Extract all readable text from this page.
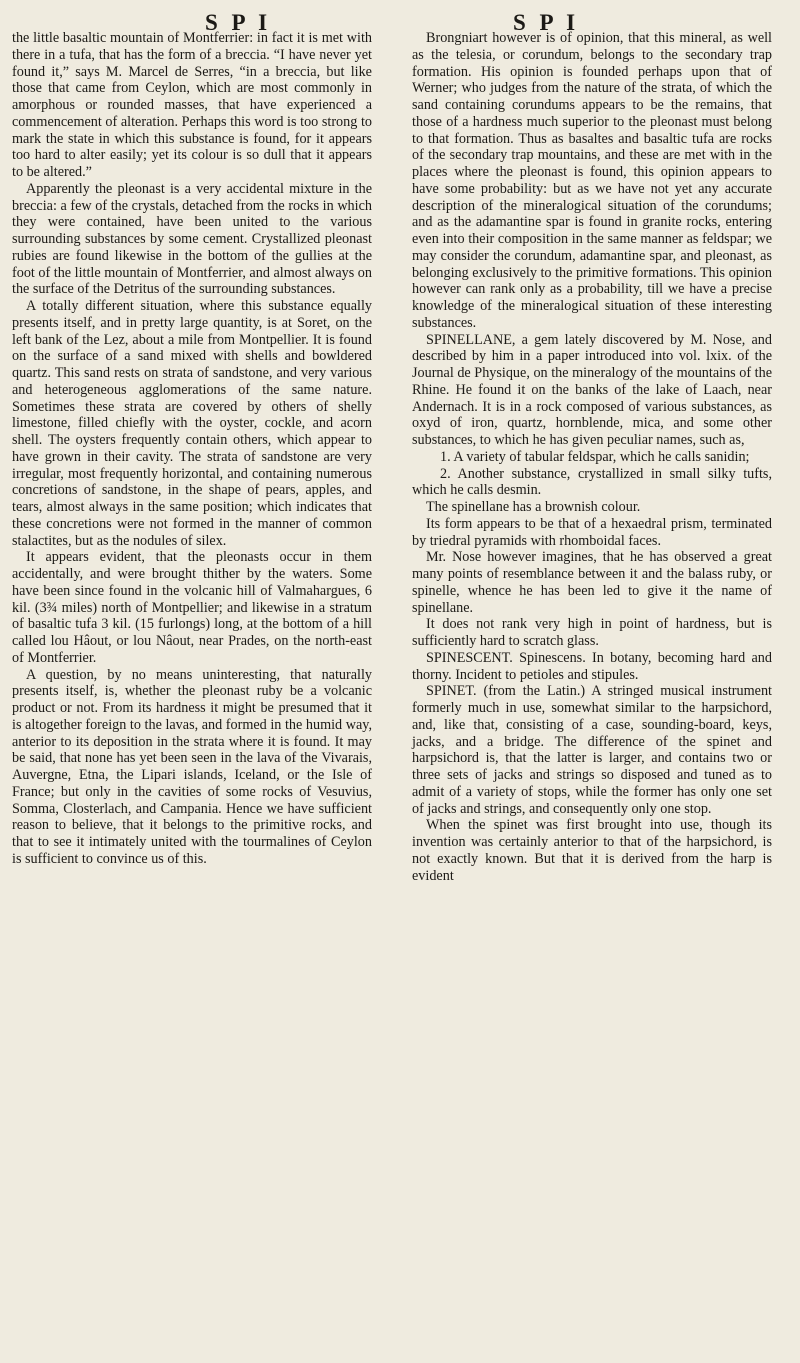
S P I	S P I

the little basaltic mountain of Montferrier: in fact it is met with there in a tufa, that has the form of a breccia. “I have never yet found it,” says M. Marcel de Serres, “in a breccia, but like those that came from Ceylon, which are most commonly in amorphous or rounded masses, that have experienced a commencement of alteration. Perhaps this word is too strong to mark the state in which this substance is found, for it appears too hard to alter easily; yet its colour is so dull that it appears to be altered.”

Apparently the pleonast is a very accidental mixture in the breccia: a few of the crystals, detached from the rocks in which they were contained, have been united to the various surrounding substances by some cement. Crystallized pleonast rubies are found likewise in the bottom of the gullies at the foot of the little mountain of Montferrier, and almost always on the surface of the Detritus of the surrounding substances.

A totally different situation, where this substance equally presents itself, and in pretty large quantity, is at Soret, on the left bank of the Lez, about a mile from Montpellier. It is found on the surface of a sand mixed with shells and bowldered quartz. This sand rests on strata of sandstone, and very various and heterogeneous agglomerations of the same nature. Sometimes these strata are covered by others of shelly limestone, filled chiefly with the oyster, cockle, and acorn shell. The oysters frequently contain others, which appear to have grown in their cavity. The strata of sandstone are very irregular, most frequently horizontal, and containing numerous concretions of sandstone, in the shape of pears, apples, and tears, almost always in the same position; which indicates that these concretions were not formed in the manner of common stalactites, but as the nodules of silex.

It appears evident, that the pleonasts occur in them accidentally, and were brought thither by the waters. Some have been since found in the volcanic hill of Valmahargues, 6 kil. (3¾ miles) north of Montpellier; and likewise in a stratum of basaltic tufa 3 kil. (15 furlongs) long, at the bottom of a hill called lou Hâout, or lou Nâout, near Prades, on the north-east of Montferrier.

A question, by no means uninteresting, that naturally presents itself, is, whether the pleonast ruby be a volcanic product or not. From its hardness it might be presumed that it is altogether foreign to the lavas, and formed in the humid way, anterior to its deposition in the strata where it is found. It may be said, that none has yet been seen in the lava of the Vivarais, Auvergne, Etna, the Lipari islands, Iceland, or the Isle of France; but only in the cavities of some rocks of Vesuvius, Somma, Closterlach, and Campania. Hence we have sufficient reason to believe, that it belongs to the primitive rocks, and that to see it intimately united with the tourmalines of Ceylon is sufficient to convince us of this.

Brongniart however is of opinion, that this mineral, as well as the telesia, or corundum, belongs to the secondary trap formation. His opinion is founded perhaps upon that of Werner; who judges from the nature of the strata, of which the sand containing corundums appears to be the remains, that those of a hardness much superior to the pleonast must belong to that formation. Thus as basaltes and basaltic tufa are rocks of the secondary trap mountains, and these are met with in the places where the pleonast is found, this opinion appears to have some probability: but as we have not yet any accurate description of the mineralogical situation of the corundums; and as the adamantine spar is found in granite rocks, entering even into their composition in the same manner as feldspar; we may consider the corundum, adamantine spar, and pleonast, as belonging exclusively to the primitive formations. This opinion however can rank only as a probability, till we have a precise knowledge of the mineralogical situation of these interesting substances.

SPINELLANE, a gem lately discovered by M. Nose, and described by him in a paper introduced into vol. lxix. of the Journal de Physique, on the mineralogy of the mountains of the Rhine. He found it on the banks of the lake of Laach, near Andernach. It is in a rock composed of various substances, as oxyd of iron, quartz, hornblende, mica, and some other substances, to which he has given peculiar names, such as,

1. A variety of tabular feldspar, which he calls sanidin;

2. Another substance, crystallized in small silky tufts, which he calls desmin.

The spinellane has a brownish colour.

Its form appears to be that of a hexaedral prism, terminated by triedral pyramids with rhomboidal faces.

Mr. Nose however imagines, that he has observed a great many points of resemblance between it and the balass ruby, or spinelle, whence he has been led to give it the name of spinellane.

It does not rank very high in point of hardness, but is sufficiently hard to scratch glass.

SPINESCENT. Spinescens. In botany, becoming hard and thorny. Incident to petioles and stipules.

SPINET. (from the Latin.) A stringed musical instrument formerly much in use, somewhat similar to the harpsichord, and, like that, consisting of a case, sounding-board, keys, jacks, and a bridge. The difference of the spinet and harpsichord is, that the latter is larger, and contains two or three sets of jacks and strings so disposed and tuned as to admit of a variety of stops, while the former has only one set of jacks and strings, and consequently only one stop.

When the spinet was first brought into use, though its invention was certainly anterior to that of the harpsichord, is not exactly known. But that it is derived from the harp is evident
